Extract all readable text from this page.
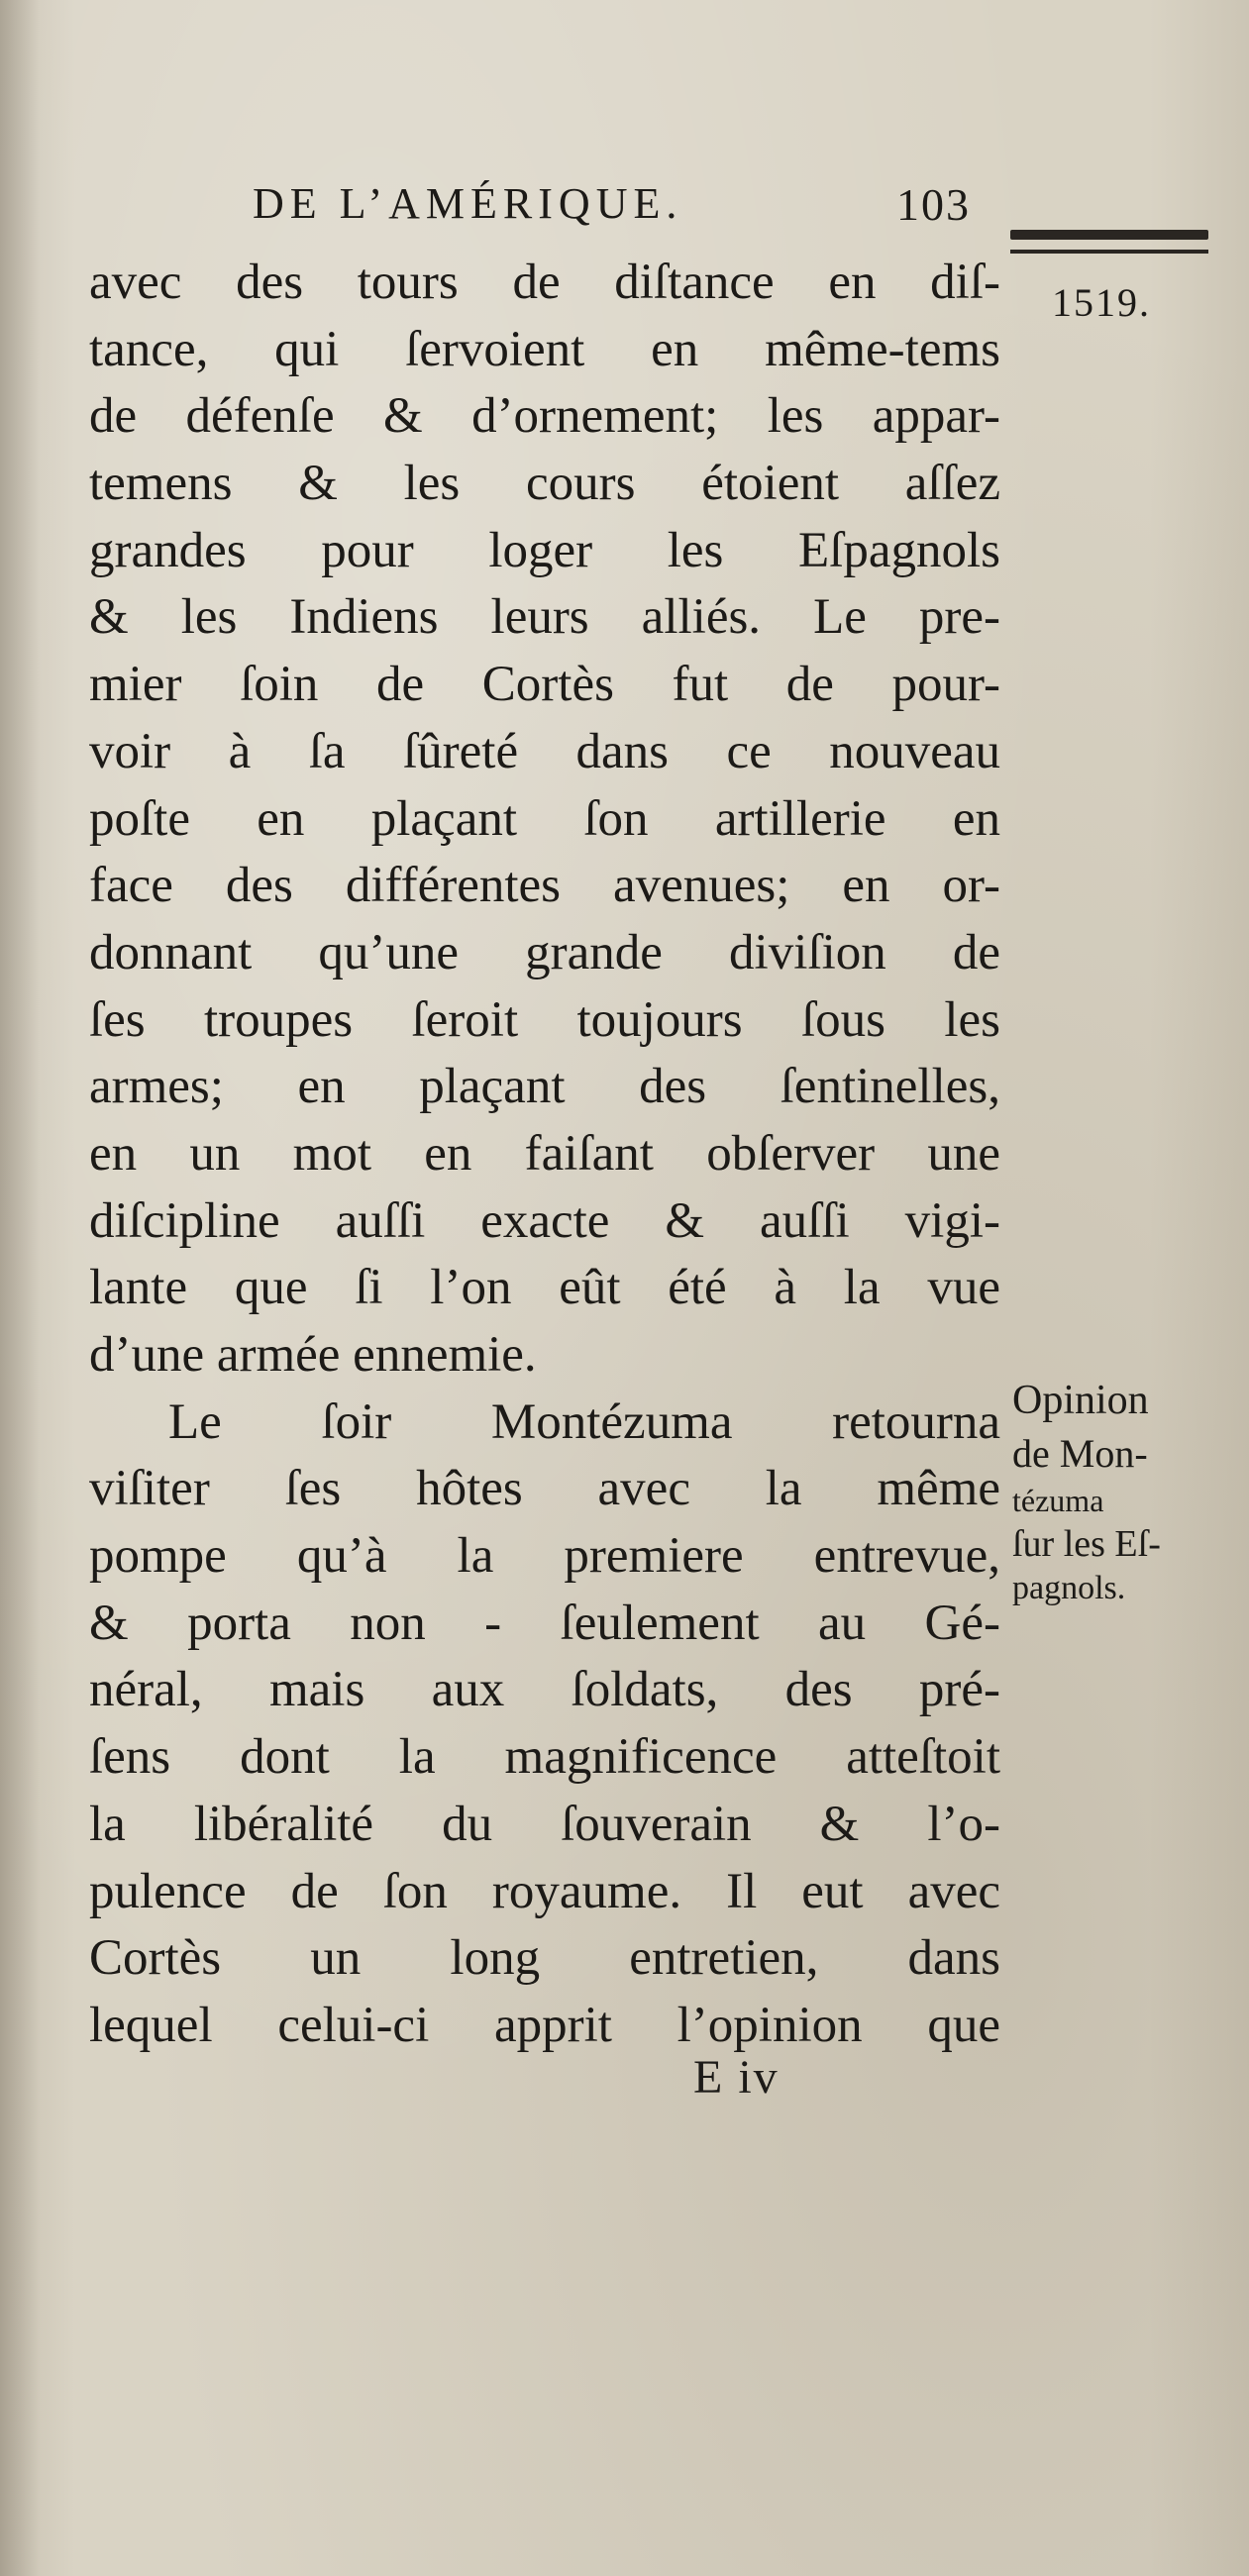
DE L’AMÉRIQUE.	103
1519.
avec des tours de diſtance en diſ-
tance, qui ſervoient en même-tems
de défenſe & d’ornement; les appar-
temens & les cours étoient aſſez
grandes pour loger les Eſpagnols
& les Indiens leurs alliés. Le pre-
mier ſoin de Cortès fut de pour-
voir à ſa ſûreté dans ce nouveau
poſte en plaçant ſon artillerie en
face des différentes avenues; en or-
donnant qu’une grande diviſion de
ſes troupes ſeroit toujours ſous les
armes; en plaçant des ſentinelles,
en un mot en faiſant obſerver une
diſcipline auſſi exacte & auſſi vigi-
lante que ſi l’on eût été à la vue
d’une armée ennemie.
Le ſoir Montézuma retourna
viſiter ſes hôtes avec la même
pompe qu’à la premiere entrevue,
& porta non - ſeulement au Gé-
néral, mais aux ſoldats, des pré-
ſens dont la magnificence atteſtoit
la libéralité du ſouverain & l’o-
pulence de ſon royaume. Il eut avec
Cortès un long entretien, dans
lequel celui-ci apprit l’opinion que
Opinion
de Mon-
tézuma
ſur les Eſ-
pagnols.
E iv
